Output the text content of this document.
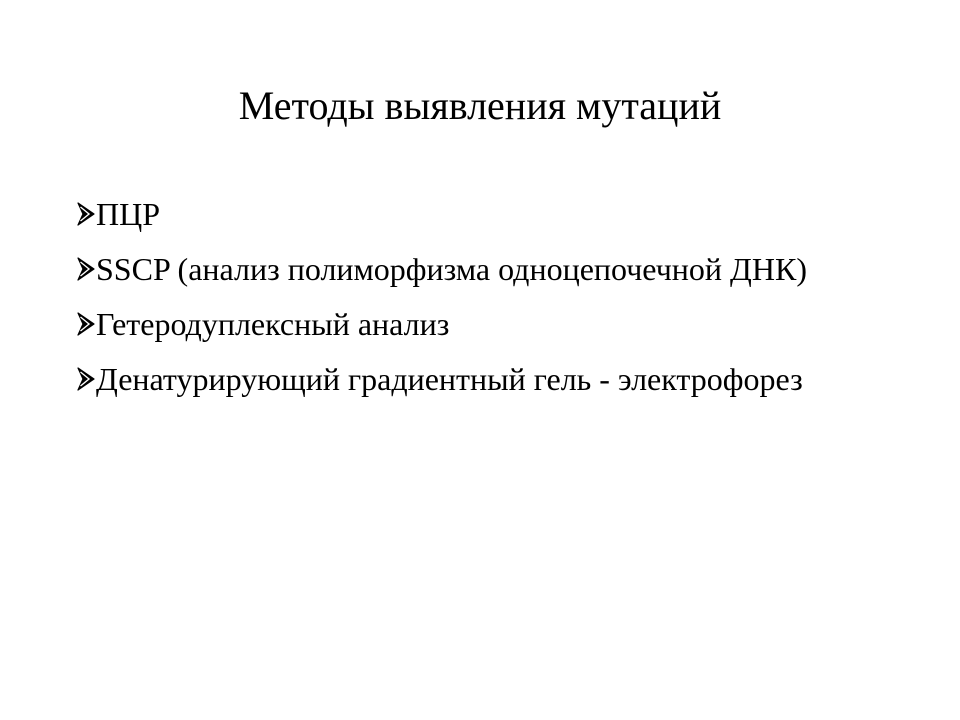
Методы выявления мутаций
ПЦР
SSCP (анализ полиморфизма одноцепочечной ДНК)
Гетеродуплексный анализ
Денатурирующий градиентный гель - электрофорез
